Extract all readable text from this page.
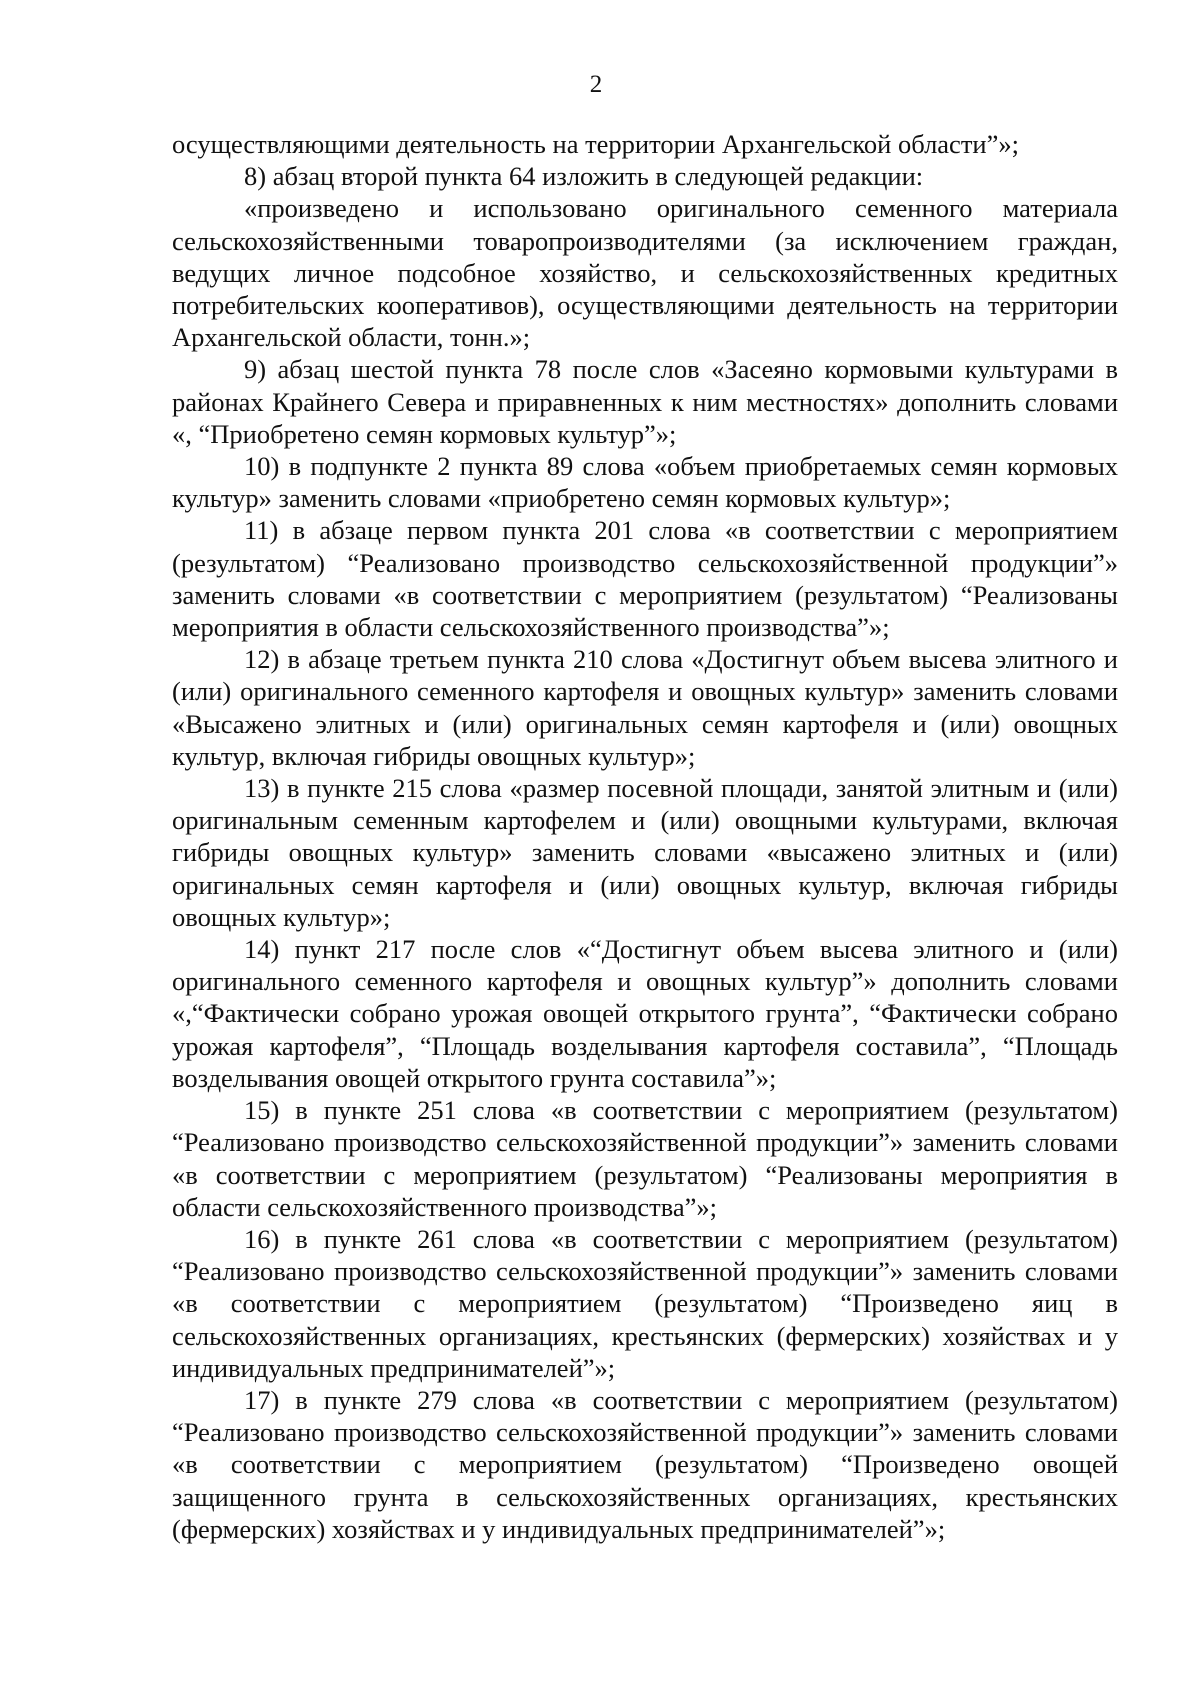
2

осуществляющими деятельность на территории Архангельской области”»;

8) абзац второй пункта 64 изложить в следующей редакции:

«произведено и использовано оригинального семенного материала сельскохозяйственными товаропроизводителями (за исключением граждан, ведущих личное подсобное хозяйство, и сельскохозяйственных кредитных потребительских кооперативов), осуществляющими деятельность на территории Архангельской области, тонн.»;

9) абзац шестой пункта 78 после слов «Засеяно кормовыми культурами в районах Крайнего Севера и приравненных к ним местностях» дополнить словами «, “Приобретено семян кормовых культур”»;

10) в подпункте 2 пункта 89 слова «объем приобретаемых семян кормовых культур» заменить словами «приобретено семян кормовых культур»;

11) в абзаце первом пункта 201 слова «в соответствии с мероприятием (результатом) “Реализовано производство сельскохозяйственной продукции”» заменить словами «в соответствии с мероприятием (результатом) “Реализованы мероприятия в области сельскохозяйственного производства”»;

12) в абзаце третьем пункта 210 слова «Достигнут объем высева элитного и (или) оригинального семенного картофеля и овощных культур» заменить словами «Высажено элитных и (или) оригинальных семян картофеля и (или) овощных культур, включая гибриды овощных культур»;

13) в пункте 215 слова «размер посевной площади, занятой элитным и (или) оригинальным семенным картофелем и (или) овощными культурами, включая гибриды овощных культур» заменить словами «высажено элитных и (или) оригинальных семян картофеля и (или) овощных культур, включая гибриды овощных культур»;

14) пункт 217 после слов «“Достигнут объем высева элитного и (или) оригинального семенного картофеля и овощных культур”» дополнить словами «,“Фактически собрано урожая овощей открытого грунта”, “Фактически собрано урожая картофеля”, “Площадь возделывания картофеля составила”, “Площадь возделывания овощей открытого грунта составила”»;

15) в пункте 251 слова «в соответствии с мероприятием (результатом) “Реализовано производство сельскохозяйственной продукции”» заменить словами «в соответствии с мероприятием (результатом) “Реализованы мероприятия в области сельскохозяйственного производства”»;

16) в пункте 261 слова «в соответствии с мероприятием (результатом) “Реализовано производство сельскохозяйственной продукции”» заменить словами «в соответствии с мероприятием (результатом) “Произведено яиц в сельскохозяйственных организациях, крестьянских (фермерских) хозяйствах и у индивидуальных предпринимателей”»;

17) в пункте 279 слова «в соответствии с мероприятием (результатом) “Реализовано производство сельскохозяйственной продукции”» заменить словами «в соответствии с мероприятием (результатом) “Произведено овощей защищенного грунта в сельскохозяйственных организациях, крестьянских (фермерских) хозяйствах и у индивидуальных предпринимателей”»;
